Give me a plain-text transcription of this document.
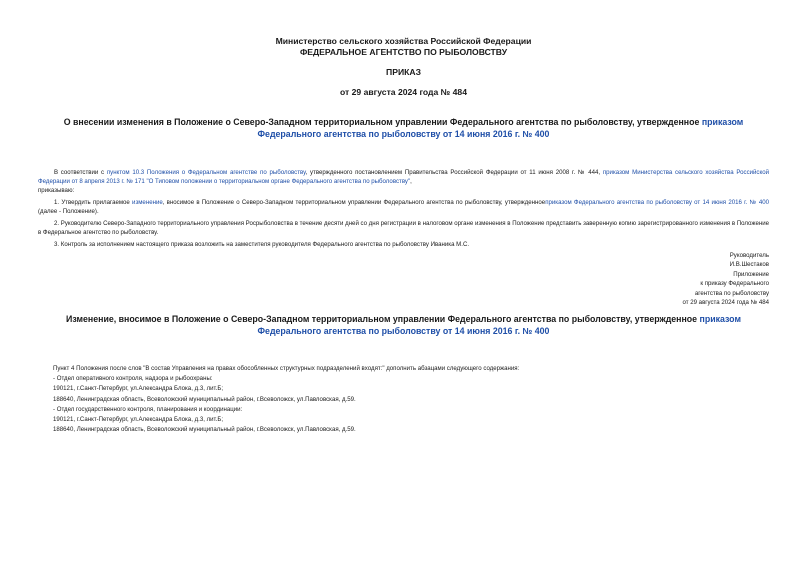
Министерство сельского хозяйства Российской Федерации
ФЕДЕРАЛЬНОЕ АГЕНТСТВО ПО РЫБОЛОВСТВУ
ПРИКАЗ
от 29 августа 2024 года № 484
О внесении изменения в Положение о Северо-Западном территориальном управлении Федерального агентства по рыболовству, утвержденное приказом Федерального агентства по рыболовству от 14 июня 2016 г. № 400
В соответствии с пунктом 10.3 Положения о Федеральном агентстве по рыболовству, утвержденного постановлением Правительства Российской Федерации от 11 июня 2008 г. № 444, приказом Министерства сельского хозяйства Российской Федерации от 8 апреля 2013 г. № 171 "О Типовом положении о территориальном органе Федерального агентства по рыболовству",
приказываю:
1. Утвердить прилагаемое изменение, вносимое в Положение о Северо-Западном территориальном управлении Федерального агентства по рыболовству, утвержденноеприказом Федерального агентства по рыболовству от 14 июня 2016 г. № 400 (далее - Положение).
2. Руководителю Северо-Западного территориального управления Росрыболовства в течение десяти дней со дня регистрации в налоговом органе изменения в Положение представить заверенную копию зарегистрированного изменения в Положение в Федеральное агентство по рыболовству.
3. Контроль за исполнением настоящего приказа возложить на заместителя руководителя Федерального агентства по рыболовству Иваника М.С.
Руководитель
И.В.Шестаков
Приложение
к приказу Федерального
агентства по рыболовству
от 29 августа 2024 года № 484
Изменение, вносимое в Положение о Северо-Западном территориальном управлении Федерального агентства по рыболовству, утвержденное приказом Федерального агентства по рыболовству от 14 июня 2016 г. № 400
Пункт 4 Положения после слов "В состав Управления на правах обособленных структурных подразделений входят:" дополнить абзацами следующего содержания:
- Отдел оперативного контроля, надзора и рыбоохраны:
190121, г.Санкт-Петербург, ул.Александра Блока, д.3, лит.Б;
188640, Ленинградская область, Всеволожский муниципальный район, г.Всеволожск, ул.Павловская, д.59.
- Отдел государственного контроля, планирования и координации:
190121, г.Санкт-Петербург, ул.Александра Блока, д.3, лит.Б;
188640, Ленинградская область, Всеволожский муниципальный район, г.Всеволожск, ул.Павловская, д.59.
